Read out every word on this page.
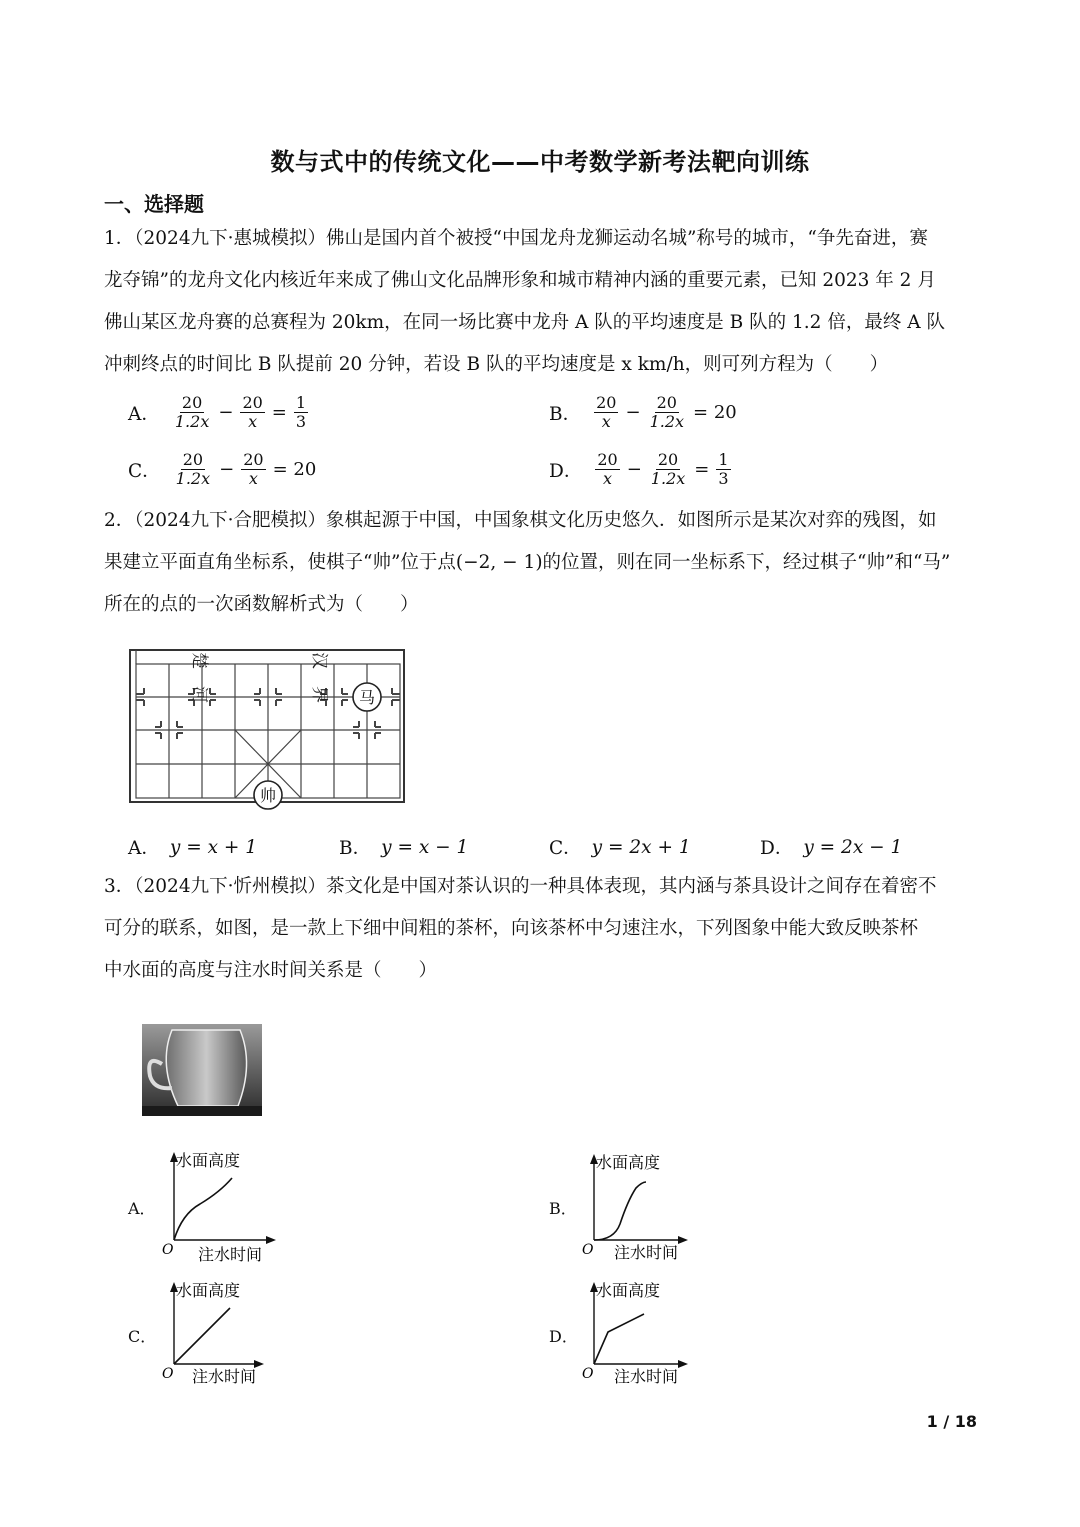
数与式中的传统文化——中考数学新考法靶向训练
一、选择题
1．（2024九下·惠城模拟）佛山是国内首个被授“中国龙舟龙狮运动名城”称号的城市，“争先奋进，赛
龙夺锦”的龙舟文化内核近年来成了佛山文化品牌形象和城市精神内涵的重要元素，已知 2023 年 2 月
佛山某区龙舟赛的总赛程为 20km，在同一场比赛中龙舟 A 队的平均速度是 B 队的 1.2 倍，最终 A 队
冲刺终点的时间比 B 队提前 20 分钟，若设 B 队的平均速度是 x km/h，则可列方程为（　　）
A． $\frac{20}{1.2x} - \frac{20}{x} = \frac{1}{3}$	B． $\frac{20}{x} - \frac{20}{1.2x} = 20$
C． $\frac{20}{1.2x} - \frac{20}{x} = 20$	D． $\frac{20}{x} - \frac{20}{1.2x} = \frac{1}{3}$
2．（2024九下·合肥模拟）象棋起源于中国，中国象棋文化历史悠久．如图所示是某次对弈的残图，如
果建立平面直角坐标系，使棋子“帅”位于点(−2, − 1)的位置，则在同一坐标系下，经过棋子“帅”和“马”
所在的点的一次函数解析式为（　　）
楚　河	汉　界 马
帅
A． y = x + 1	B． y = x − 1	C． y = 2x + 1	D． y = 2x − 1
3．（2024九下·忻州模拟）茶文化是中国对茶认识的一种具体表现，其内涵与茶具设计之间存在着密不
可分的联系，如图，是一款上下细中间粗的茶杯，向该茶杯中匀速注水，下列图象中能大致反映茶杯
中水面的高度与注水时间关系是（　　）
A．
O
水面高度
注水时间
B．
O
水面高度
注水时间
C．
O
水面高度
注水时间
D．
O
水面高度
注水时间
1 / 18
